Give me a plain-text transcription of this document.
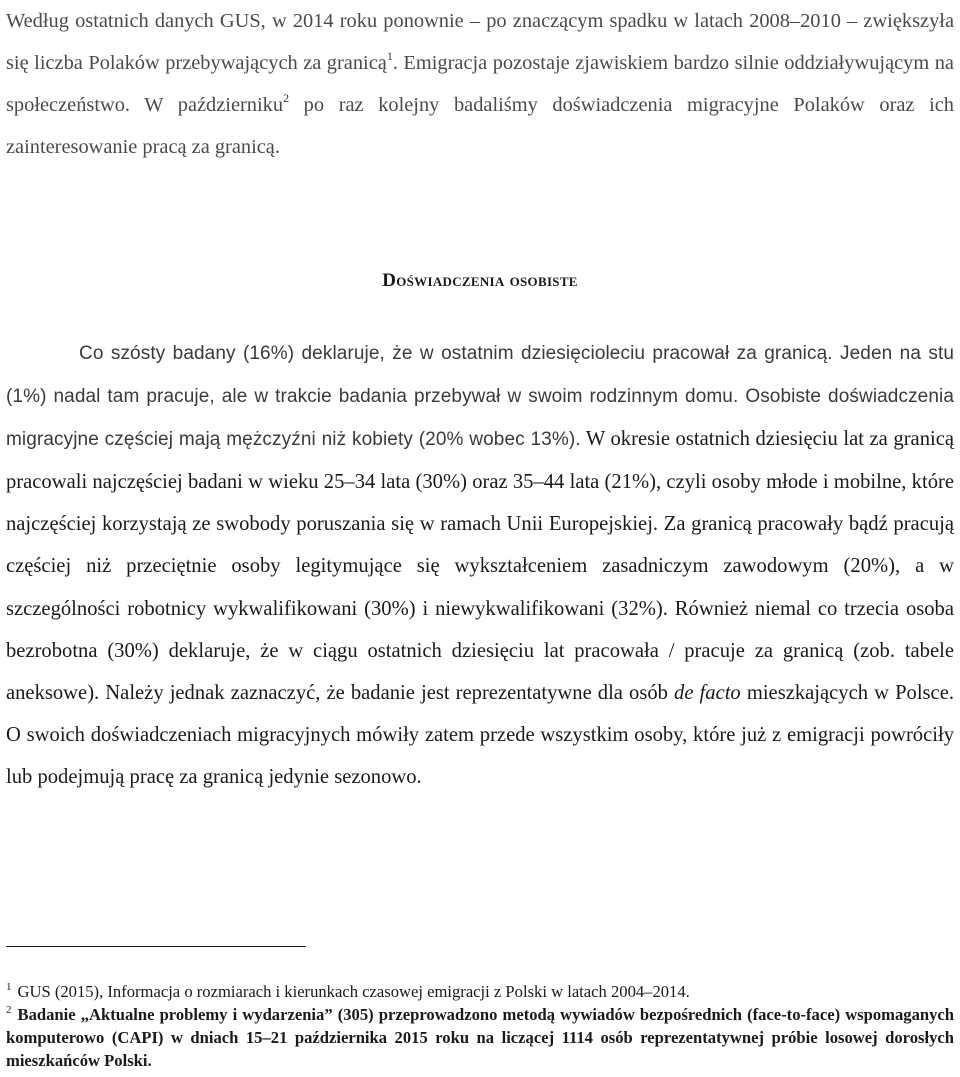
Według ostatnich danych GUS, w 2014 roku ponownie – po znaczącym spadku w latach 2008–2010 – zwiększyła się liczba Polaków przebywających za granicą$^1$. Emigracja pozostaje zjawiskiem bardzo silnie oddziaływującym na społeczeństwo. W październiku$^2$ po raz kolejny badaliśmy doświadczenia migracyjne Polaków oraz ich zainteresowanie pracą za granicą.

Doświadczenia osobiste

Co szósty badany (16%) deklaruje, że w ostatnim dziesięcioleciu pracował za granicą. Jeden na stu (1%) nadal tam pracuje, ale w trakcie badania przebywał w swoim rodzinnym domu. Osobiste doświadczenia migracyjne częściej mają mężczyźni niż kobiety (20% wobec 13%). W okresie ostatnich dziesięciu lat za granicą pracowali najczęściej badani w wieku 25–34 lata (30%) oraz 35–44 lata (21%), czyli osoby młode i mobilne, które najczęściej korzystają ze swobody poruszania się w ramach Unii Europejskiej. Za granicą pracowały bądź pracują częściej niż przeciętnie osoby legitymujące się wykształceniem zasadniczym zawodowym (20%), a w szczególności robotnicy wykwalifikowani (30%) i niewykwalifikowani (32%). Również niemal co trzecia osoba bezrobotna (30%) deklaruje, że w ciągu ostatnich dziesięciu lat pracowała / pracuje za granicą (zob. tabele aneksowe). Należy jednak zaznaczyć, że badanie jest reprezentatywne dla osób de facto mieszkających w Polsce. O swoich doświadczeniach migracyjnych mówiły zatem przede wszystkim osoby, które już z emigracji powróciły lub podejmują pracę za granicą jedynie sezonowo.

$^1$ GUS (2015), Informacja o rozmiarach i kierunkach czasowej emigracji z Polski w latach 2004–2014.

$^2$ Badanie „Aktualne problemy i wydarzenia” (305) przeprowadzono metodą wywiadów bezpośrednich (face-to-face) wspomaganych komputerowo (CAPI) w dniach 15–21 października 2015 roku na liczącej 1114 osób reprezentatywnej próbie losowej dorosłych mieszkańców Polski.
